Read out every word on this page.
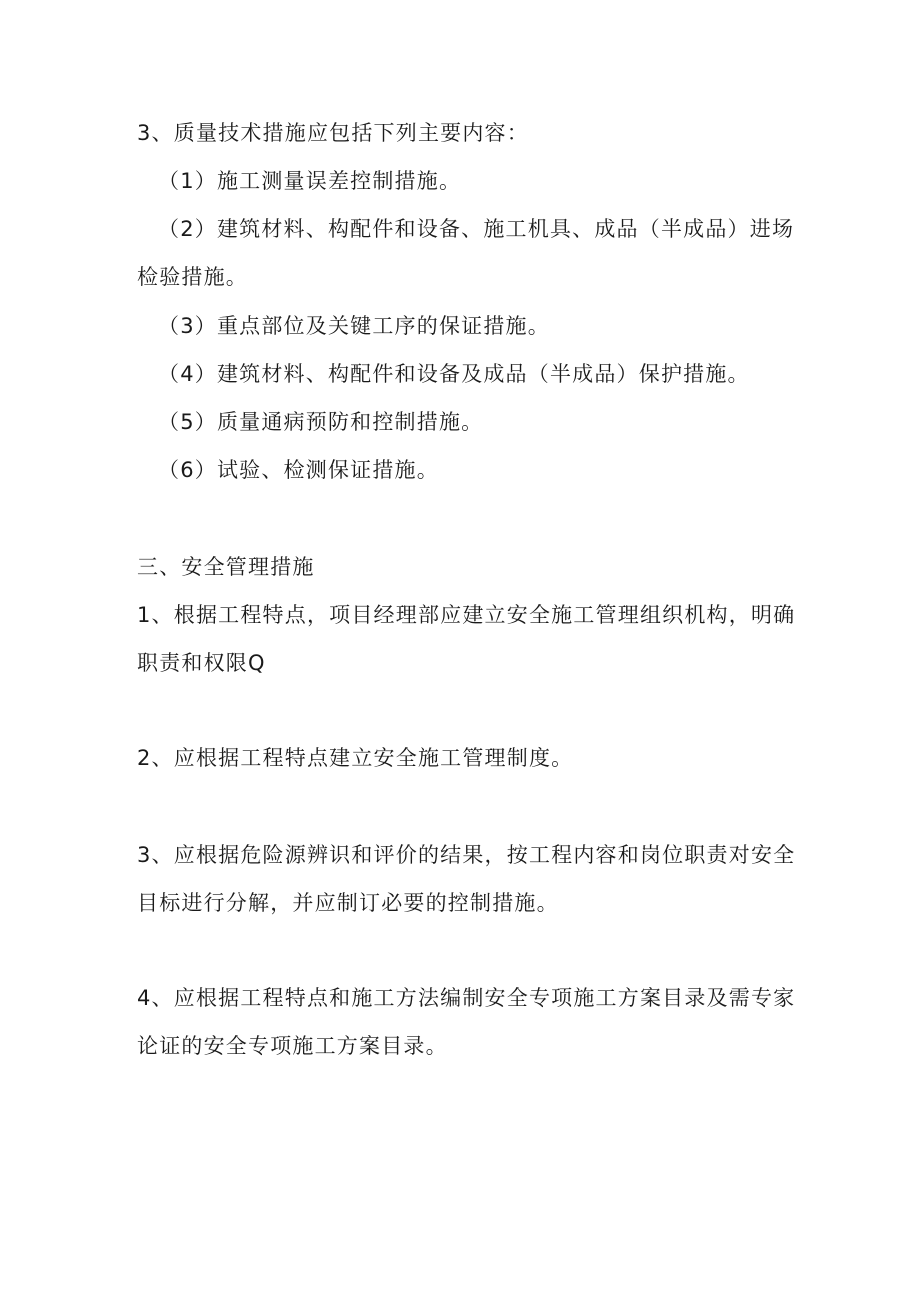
3、质量技术措施应包括下列主要内容：
（1）施工测量误差控制措施。
（2）建筑材料、构配件和设备、施工机具、成品（半成品）进场
检验措施。
（3）重点部位及关键工序的保证措施。
（4）建筑材料、构配件和设备及成品（半成品）保护措施。
（5）质量通病预防和控制措施。
（6）试验、检测保证措施。
三、安全管理措施
1、根据工程特点，项目经理部应建立安全施工管理组织机构，明确
职责和权限Q
2、应根据工程特点建立安全施工管理制度。
3、应根据危险源辨识和评价的结果，按工程内容和岗位职责对安全
目标进行分解，并应制订必要的控制措施。
4、应根据工程特点和施工方法编制安全专项施工方案目录及需专家
论证的安全专项施工方案目录。
